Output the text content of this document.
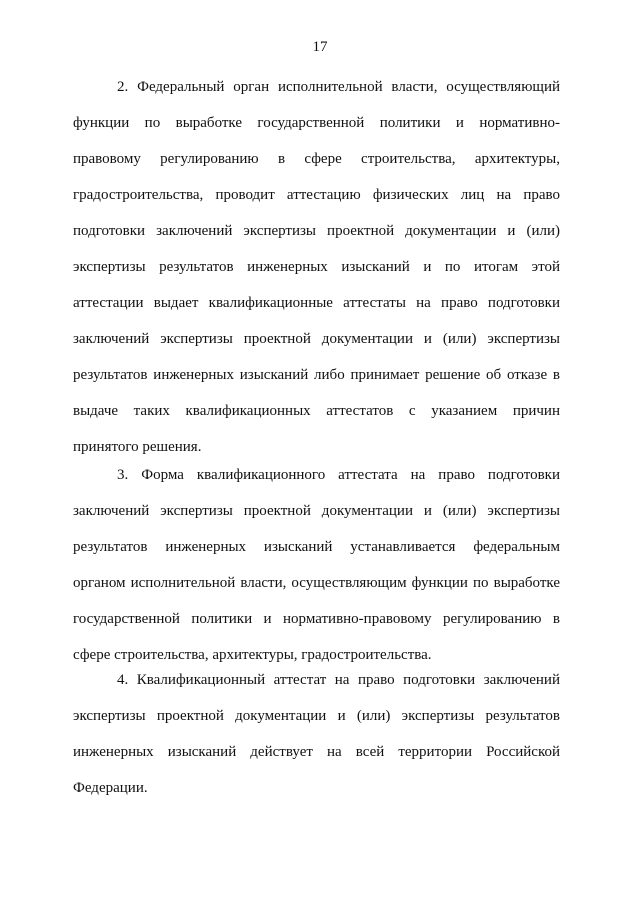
17
2. Федеральный орган исполнительной власти, осуществляющий
функции по выработке государственной политики и нормативно-
правовому регулированию в сфере строительства, архитектуры,
градостроительства, проводит аттестацию физических лиц на право
подготовки заключений экспертизы проектной документации и (или)
экспертизы результатов инженерных изысканий и по итогам этой
аттестации выдает квалификационные аттестаты на право подготовки
заключений экспертизы проектной документации и (или) экспертизы
результатов инженерных изысканий либо принимает решение об отказе в
выдаче таких квалификационных аттестатов с указанием причин
принятого решения.
3. Форма квалификационного аттестата на право подготовки
заключений экспертизы проектной документации и (или) экспертизы
результатов инженерных изысканий устанавливается федеральным
органом исполнительной власти, осуществляющим функции по выработке
государственной политики и нормативно-правовому регулированию в
сфере строительства, архитектуры, градостроительства.
4. Квалификационный аттестат на право подготовки заключений
экспертизы проектной документации и (или) экспертизы результатов
инженерных изысканий действует на всей территории Российской
Федерации.
